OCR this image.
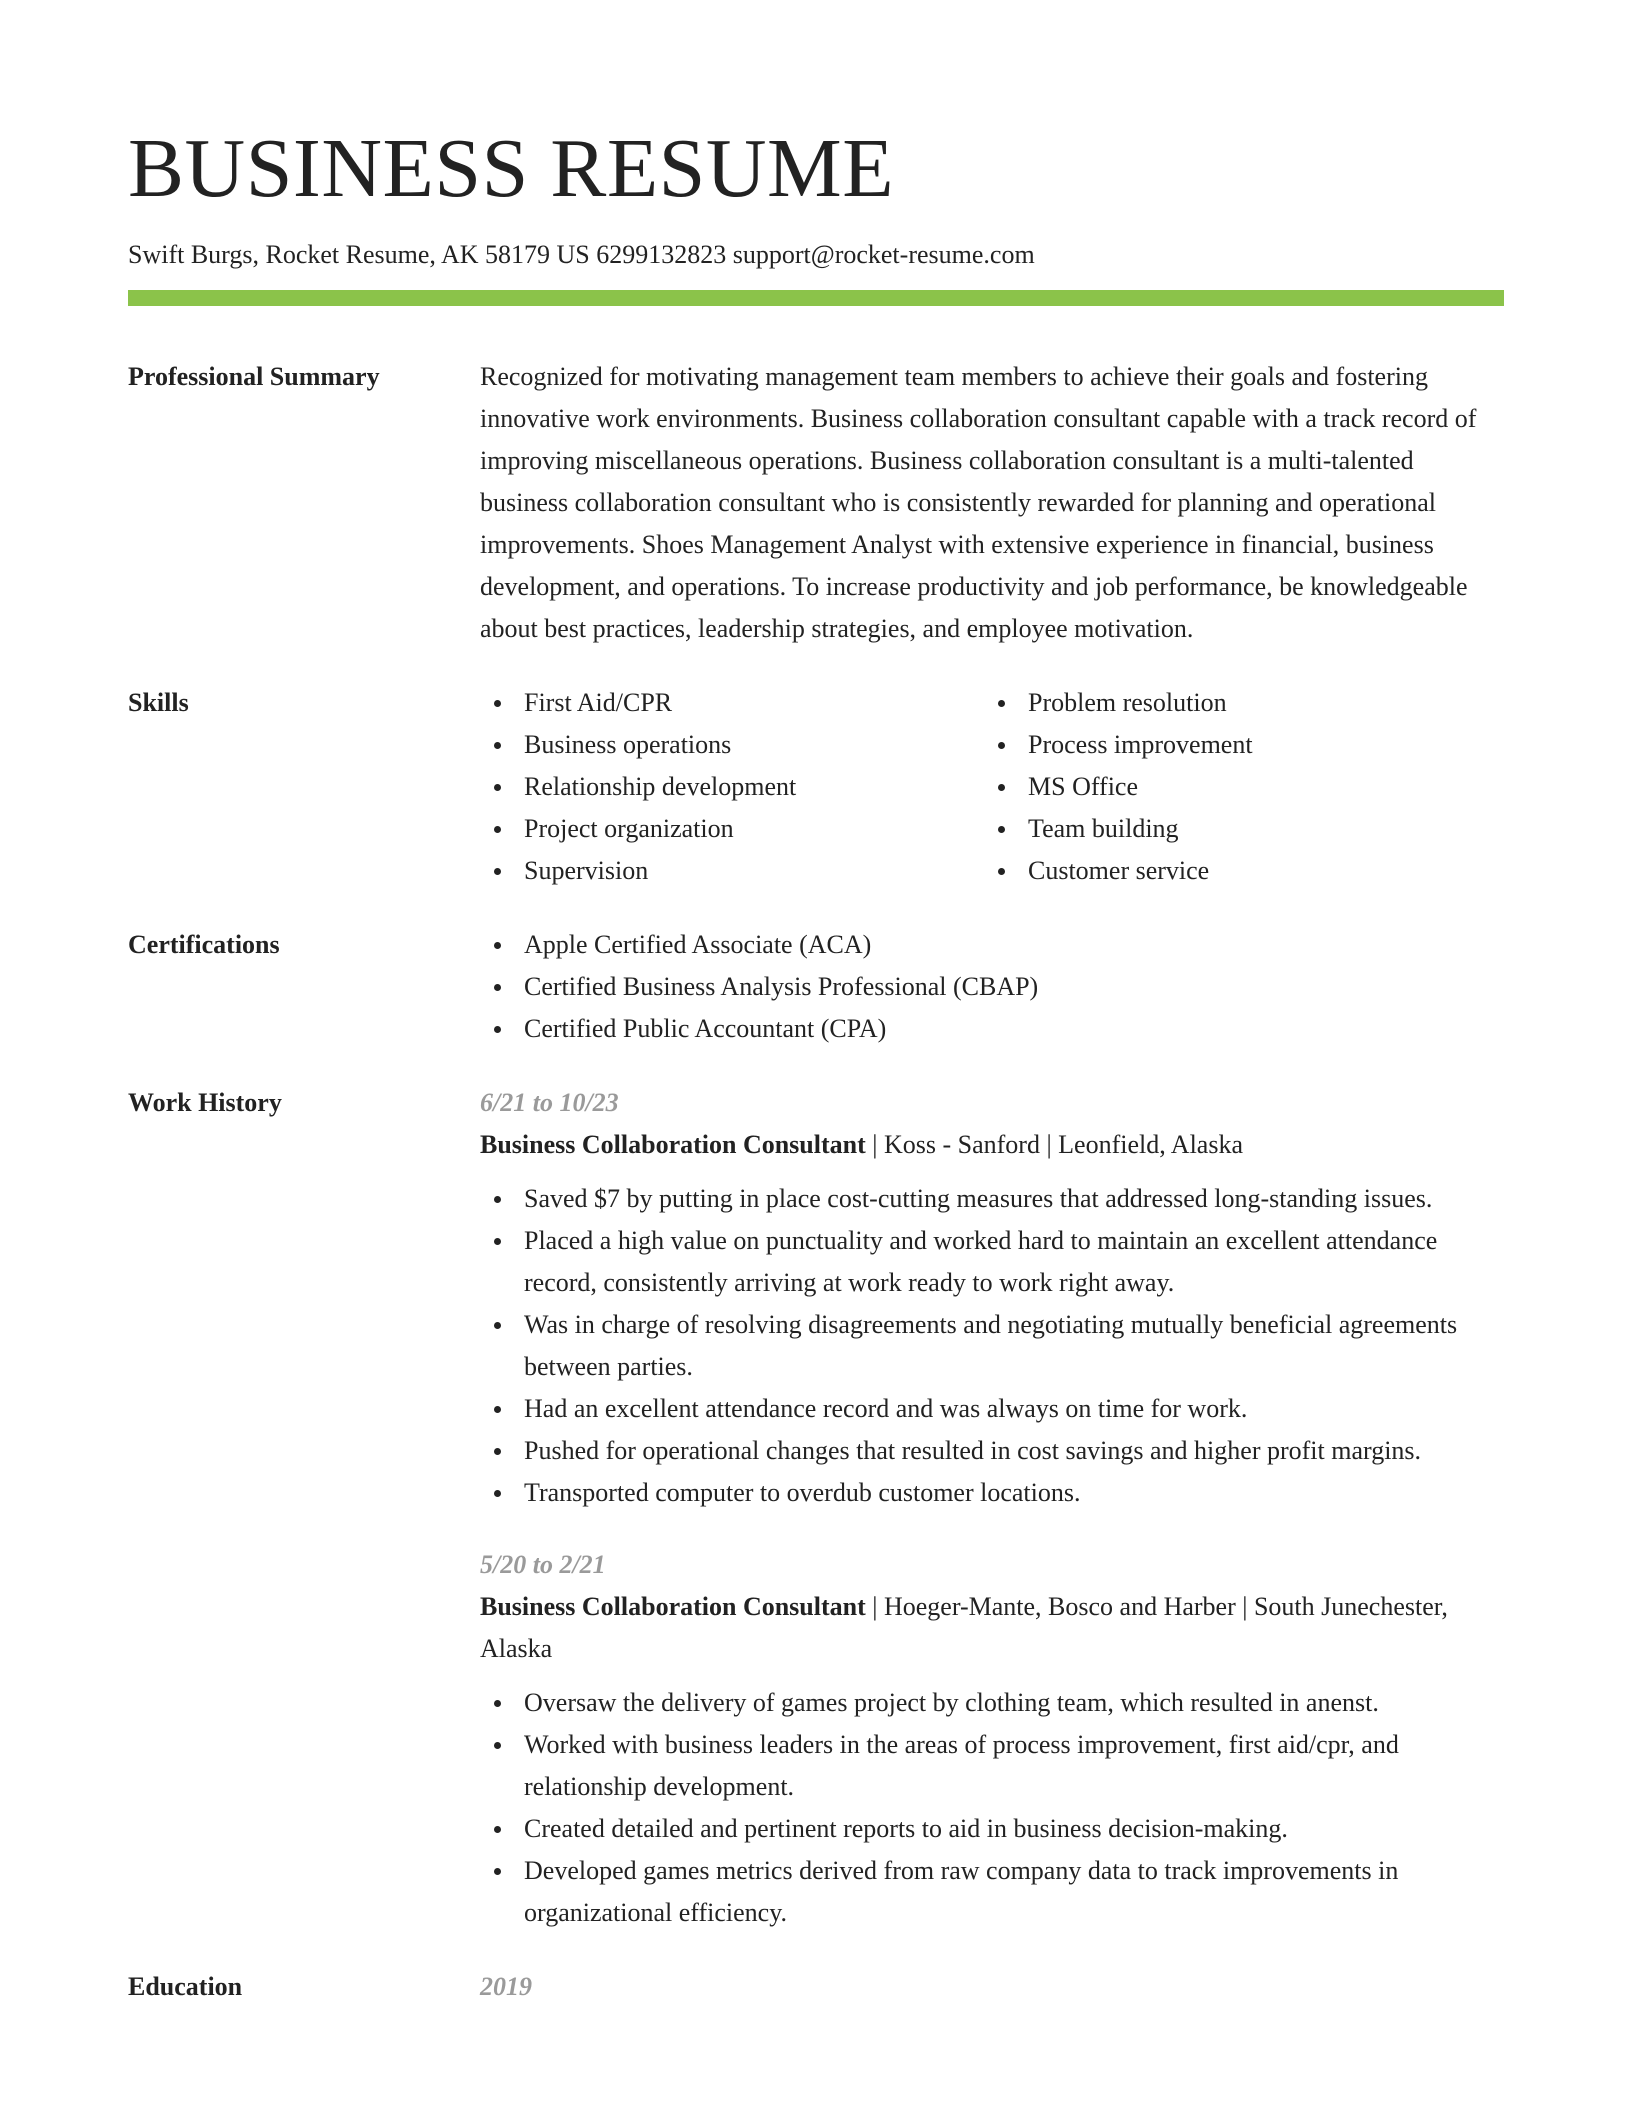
BUSINESS RESUME
Swift Burgs, Rocket Resume, AK 58179 US 6299132823 support@rocket-resume.com
Professional Summary	Recognized for motivating management team members to achieve their goals and fostering innovative work environments. Business collaboration consultant capable with a track record of improving miscellaneous operations. Business collaboration consultant is a multi-talented business collaboration consultant who is consistently rewarded for planning and operational improvements. Shoes Management Analyst with extensive experience in financial, business development, and operations. To increase productivity and job performance, be knowledgeable about best practices, leadership strategies, and employee motivation.

Skills	First Aid/CPR
Business operations
Relationship development
Project organization
Supervision
Problem resolution
Process improvement
MS Office
Team building
Customer service
Certifications	Apple Certified Associate (ACA)
Certified Business Analysis Professional (CBAP)
Certified Public Accountant (CPA)
Work History	6/21 to 10/23
Business Collaboration Consultant | Koss - Sanford | Leonfield, Alaska
Saved $7 by putting in place cost-cutting measures that addressed long-standing issues.
Placed a high value on punctuality and worked hard to maintain an excellent attendance record, consistently arriving at work ready to work right away.
Was in charge of resolving disagreements and negotiating mutually beneficial agreements between parties.
Had an excellent attendance record and was always on time for work.
Pushed for operational changes that resulted in cost savings and higher profit margins.
Transported computer to overdub customer locations.
5/20 to 2/21
Business Collaboration Consultant | Hoeger-Mante, Bosco and Harber | South Junechester, Alaska
Oversaw the delivery of games project by clothing team, which resulted in anenst.
Worked with business leaders in the areas of process improvement, first aid/cpr, and relationship development.
Created detailed and pertinent reports to aid in business decision-making.
Developed games metrics derived from raw company data to track improvements in organizational efficiency.
Education	2019
